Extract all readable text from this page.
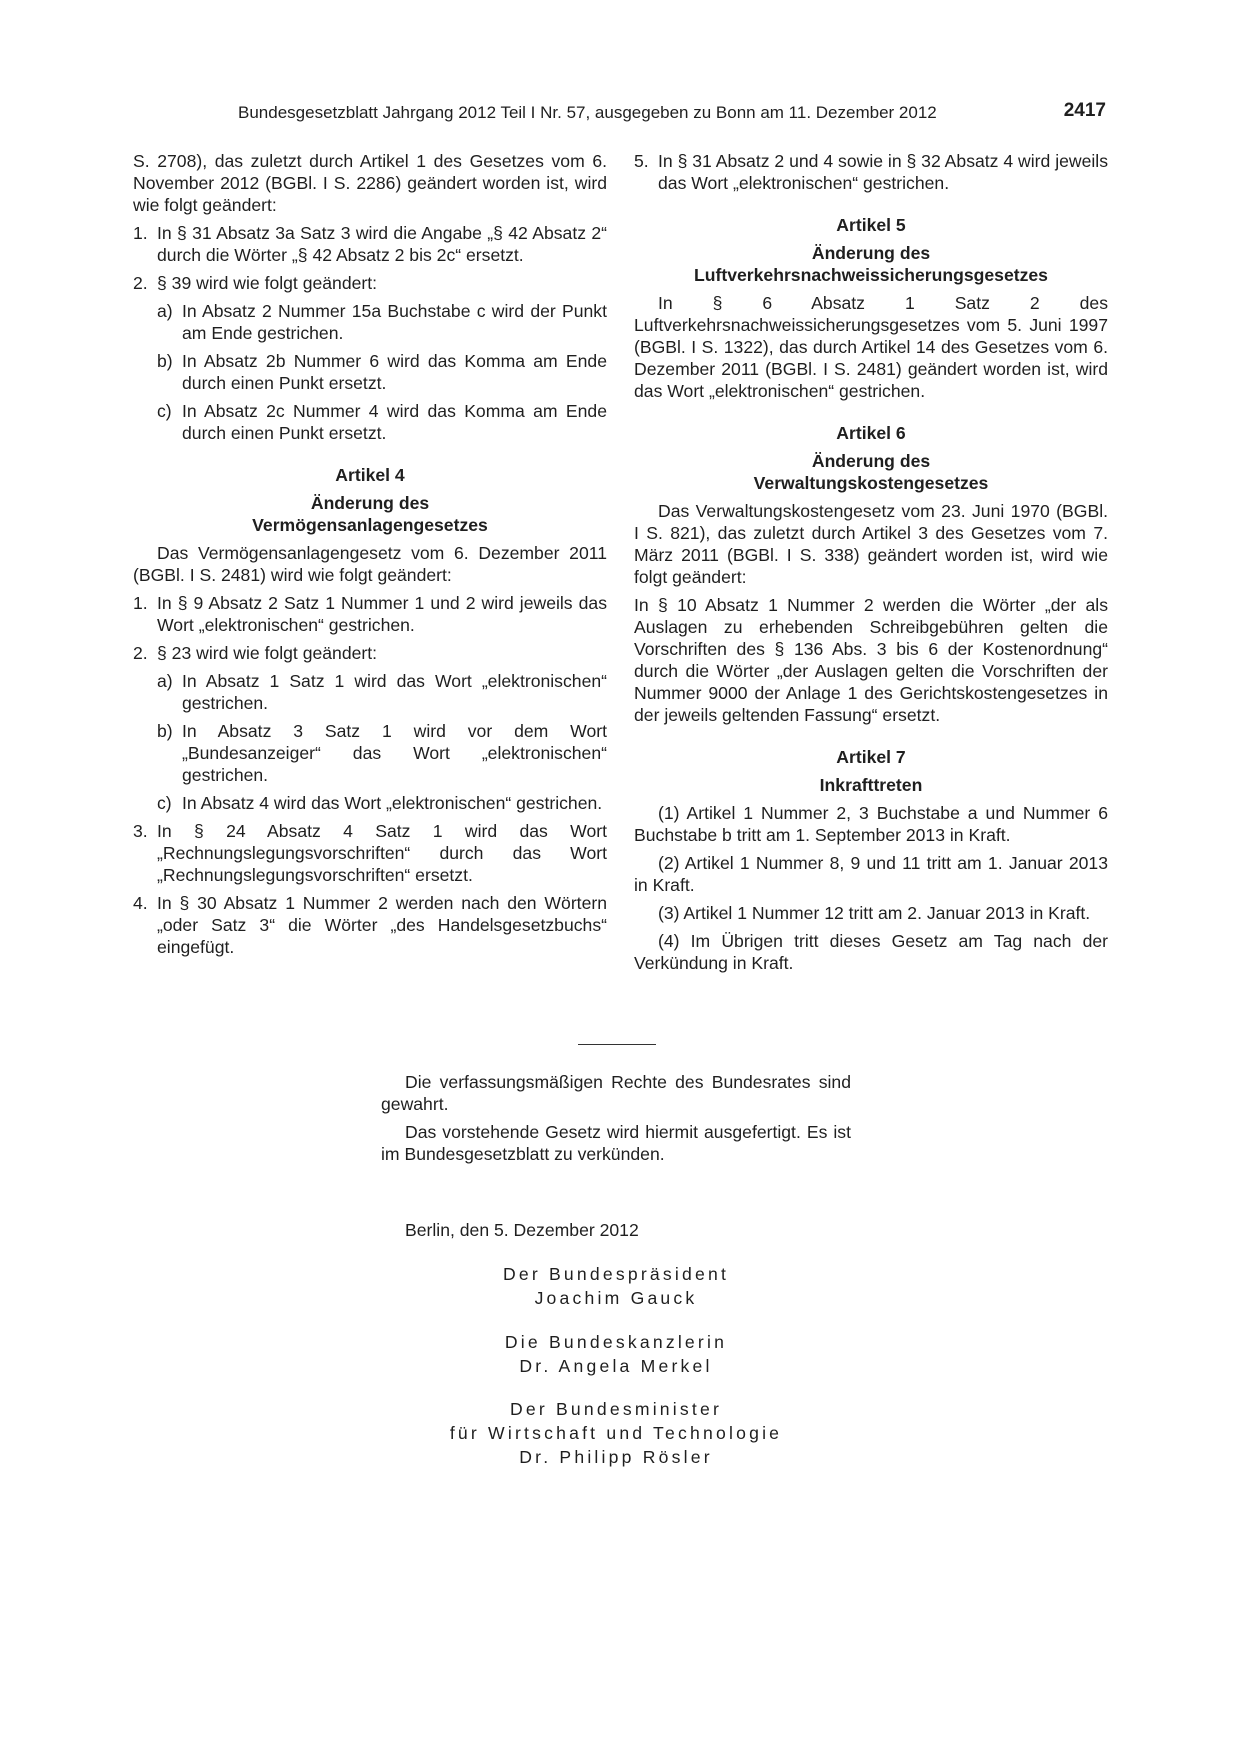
Bundesgesetzblatt Jahrgang 2012 Teil I Nr. 57, ausgegeben zu Bonn am 11. Dezember 2012	2417

S. 2708), das zuletzt durch Artikel 1 des Gesetzes vom 6. November 2012 (BGBl. I S. 2286) geändert worden ist, wird wie folgt geändert:

1. In § 31 Absatz 3a Satz 3 wird die Angabe „§ 42 Absatz 2“ durch die Wörter „§ 42 Absatz 2 bis 2c“ ersetzt.
2. § 39 wird wie folgt geändert:
a) In Absatz 2 Nummer 15a Buchstabe c wird der Punkt am Ende gestrichen.
b) In Absatz 2b Nummer 6 wird das Komma am Ende durch einen Punkt ersetzt.
c) In Absatz 2c Nummer 4 wird das Komma am Ende durch einen Punkt ersetzt.
Artikel 4
Änderung des
Vermögensanlagengesetzes

Das Vermögensanlagengesetz vom 6. Dezember 2011 (BGBl. I S. 2481) wird wie folgt geändert:

1. In § 9 Absatz 2 Satz 1 Nummer 1 und 2 wird jeweils das Wort „elektronischen“ gestrichen.
2. § 23 wird wie folgt geändert:
a) In Absatz 1 Satz 1 wird das Wort „elektronischen“ gestrichen.
b) In Absatz 3 Satz 1 wird vor dem Wort „Bundesanzeiger“ das Wort „elektronischen“ gestrichen.
c) In Absatz 4 wird das Wort „elektronischen“ gestrichen.
3. In § 24 Absatz 4 Satz 1 wird das Wort „Rechnungslegungsvorschriften“ durch das Wort „Rechnungslegungsvorschriften“ ersetzt.
4. In § 30 Absatz 1 Nummer 2 werden nach den Wörtern „oder Satz 3“ die Wörter „des Handelsgesetzbuchs“ eingefügt.
5. In § 31 Absatz 2 und 4 sowie in § 32 Absatz 4 wird jeweils das Wort „elektronischen“ gestrichen.
Artikel 5
Änderung des
Luftverkehrsnachweissicherungsgesetzes

In § 6 Absatz 1 Satz 2 des Luftverkehrsnachweissicherungsgesetzes vom 5. Juni 1997 (BGBl. I S. 1322), das durch Artikel 14 des Gesetzes vom 6. Dezember 2011 (BGBl. I S. 2481) geändert worden ist, wird das Wort „elektronischen“ gestrichen.

Artikel 6
Änderung des
Verwaltungskostengesetzes

Das Verwaltungskostengesetz vom 23. Juni 1970 (BGBl. I S. 821), das zuletzt durch Artikel 3 des Gesetzes vom 7. März 2011 (BGBl. I S. 338) geändert worden ist, wird wie folgt geändert:

In § 10 Absatz 1 Nummer 2 werden die Wörter „der als Auslagen zu erhebenden Schreibgebühren gelten die Vorschriften des § 136 Abs. 3 bis 6 der Kostenordnung“ durch die Wörter „der Auslagen gelten die Vorschriften der Nummer 9000 der Anlage 1 des Gerichtskostengesetzes in der jeweils geltenden Fassung“ ersetzt.

Artikel 7
Inkrafttreten

(1) Artikel 1 Nummer 2, 3 Buchstabe a und Nummer 6 Buchstabe b tritt am 1. September 2013 in Kraft.

(2) Artikel 1 Nummer 8, 9 und 11 tritt am 1. Januar 2013 in Kraft.

(3) Artikel 1 Nummer 12 tritt am 2. Januar 2013 in Kraft.

(4) Im Übrigen tritt dieses Gesetz am Tag nach der Verkündung in Kraft.

Die verfassungsmäßigen Rechte des Bundesrates sind gewahrt.

Das vorstehende Gesetz wird hiermit ausgefertigt. Es ist im Bundesgesetzblatt zu verkünden.

Berlin, den 5. Dezember 2012
Der Bundespräsident
Joachim Gauck
Die Bundeskanzlerin
Dr. Angela Merkel
Der Bundesminister
für Wirtschaft und Technologie
Dr. Philipp Rösler
